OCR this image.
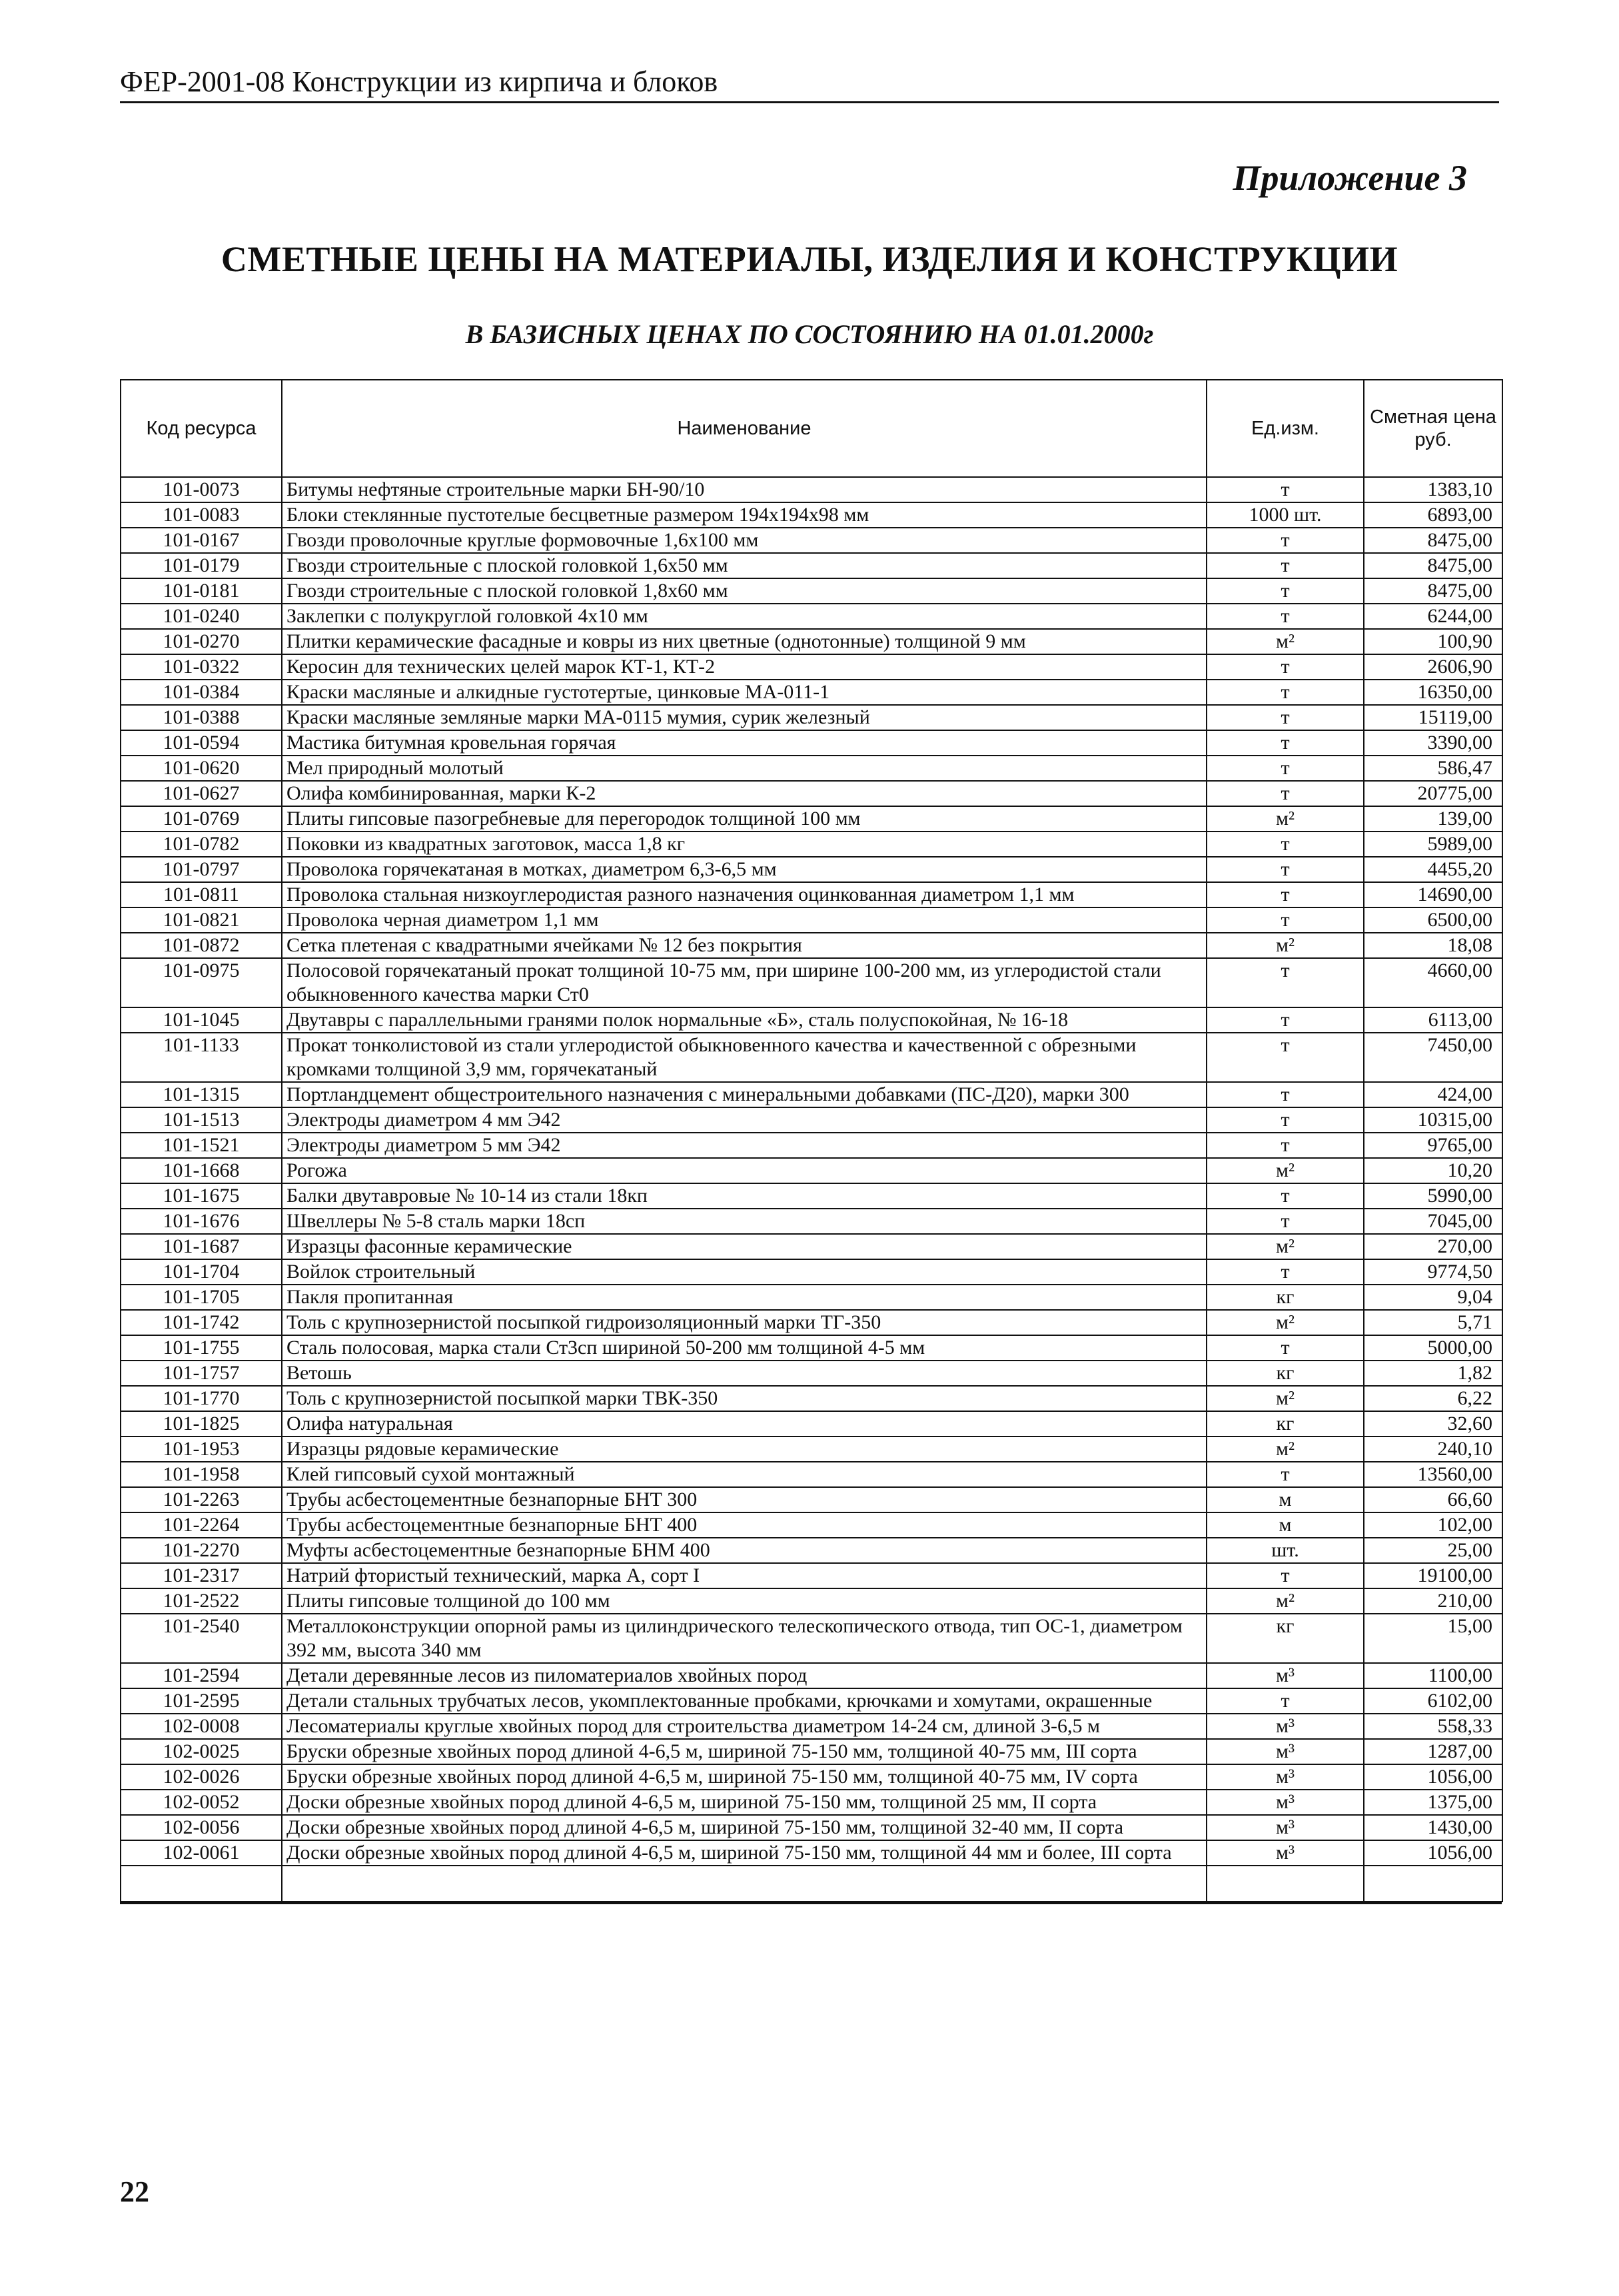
ФЕР-2001-08 Конструкции из кирпича и блоков
Приложение 3
СМЕТНЫЕ ЦЕНЫ НА МАТЕРИАЛЫ, ИЗДЕЛИЯ И КОНСТРУКЦИИ
В БАЗИСНЫХ ЦЕНАХ ПО СОСТОЯНИЮ НА 01.01.2000г
Код ресурса	Наименование	Ед.изм.	Сметная цена руб.
101-0073	Битумы нефтяные строительные марки БН-90/10	т	1383,10
101-0083	Блоки стеклянные пустотелые бесцветные размером 194х194х98 мм	1000 шт.	6893,00
101-0167	Гвозди проволочные круглые формовочные 1,6х100 мм	т	8475,00
101-0179	Гвозди строительные с плоской головкой 1,6х50 мм	т	8475,00
101-0181	Гвозди строительные с плоской головкой 1,8х60 мм	т	8475,00
101-0240	Заклепки с полукруглой головкой 4х10 мм	т	6244,00
101-0270	Плитки керамические фасадные и ковры из них цветные (однотонные) толщиной 9 мм	м²	100,90
101-0322	Керосин для технических целей марок КТ-1, КТ-2	т	2606,90
101-0384	Краски масляные и алкидные густотертые, цинковые МА-011-1	т	16350,00
101-0388	Краски масляные земляные марки МА-0115 мумия, сурик железный	т	15119,00
101-0594	Мастика битумная кровельная горячая	т	3390,00
101-0620	Мел природный молотый	т	586,47
101-0627	Олифа комбинированная, марки К-2	т	20775,00
101-0769	Плиты гипсовые пазогребневые для перегородок толщиной 100 мм	м²	139,00
101-0782	Поковки из квадратных заготовок, масса 1,8 кг	т	5989,00
101-0797	Проволока горячекатаная в мотках, диаметром 6,3-6,5 мм	т	4455,20
101-0811	Проволока стальная низкоуглеродистая разного назначения оцинкованная диаметром 1,1 мм	т	14690,00
101-0821	Проволока черная диаметром 1,1 мм	т	6500,00
101-0872	Сетка плетеная с квадратными ячейками № 12 без покрытия	м²	18,08
101-0975	Полосовой горячекатаный прокат толщиной 10-75 мм, при ширине 100-200 мм, из углеродистой стали обыкновенного качества марки Ст0	т	4660,00
101-1045	Двутавры с параллельными гранями полок нормальные «Б», сталь полуспокойная, № 16-18	т	6113,00
101-1133	Прокат тонколистовой из стали углеродистой обыкновенного качества и качественной с обрезными кромками толщиной 3,9 мм, горячекатаный	т	7450,00
101-1315	Портландцемент общестроительного назначения с минеральными добавками (ПС-Д20), марки 300	т	424,00
101-1513	Электроды диаметром 4 мм Э42	т	10315,00
101-1521	Электроды диаметром 5 мм Э42	т	9765,00
101-1668	Рогожа	м²	10,20
101-1675	Балки двутавровые № 10-14 из стали 18кп	т	5990,00
101-1676	Швеллеры № 5-8 сталь марки 18сп	т	7045,00
101-1687	Изразцы фасонные керамические	м²	270,00
101-1704	Войлок строительный	т	9774,50
101-1705	Пакля пропитанная	кг	9,04
101-1742	Толь с крупнозернистой посыпкой гидроизоляционный марки ТГ-350	м²	5,71
101-1755	Сталь полосовая, марка стали Ст3сп шириной 50-200 мм толщиной 4-5 мм	т	5000,00
101-1757	Ветошь	кг	1,82
101-1770	Толь с крупнозернистой посыпкой марки ТВК-350	м²	6,22
101-1825	Олифа натуральная	кг	32,60
101-1953	Изразцы рядовые керамические	м²	240,10
101-1958	Клей гипсовый сухой монтажный	т	13560,00
101-2263	Трубы асбестоцементные безнапорные БНТ 300	м	66,60
101-2264	Трубы асбестоцементные безнапорные БНТ 400	м	102,00
101-2270	Муфты асбестоцементные безнапорные БНМ 400	шт.	25,00
101-2317	Натрий фтористый технический, марка А, сорт I	т	19100,00
101-2522	Плиты гипсовые толщиной до 100 мм	м²	210,00
101-2540	Металлоконструкции опорной рамы из цилиндрического телескопического отвода, тип ОС-1, диаметром 392 мм, высота 340 мм	кг	15,00
101-2594	Детали деревянные лесов из пиломатериалов хвойных пород	м³	1100,00
101-2595	Детали стальных трубчатых лесов, укомплектованные пробками, крючками и хомутами, окрашенные	т	6102,00
102-0008	Лесоматериалы круглые хвойных пород для строительства диаметром 14-24 см, длиной 3-6,5 м	м³	558,33
102-0025	Бруски обрезные хвойных пород длиной 4-6,5 м, шириной 75-150 мм, толщиной 40-75 мм, III сорта	м³	1287,00
102-0026	Бруски обрезные хвойных пород длиной 4-6,5 м, шириной 75-150 мм, толщиной 40-75 мм, IV сорта	м³	1056,00
102-0052	Доски обрезные хвойных пород длиной 4-6,5 м, шириной 75-150 мм, толщиной 25 мм, II сорта	м³	1375,00
102-0056	Доски обрезные хвойных пород длиной 4-6,5 м, шириной 75-150 мм, толщиной 32-40 мм, II сорта	м³	1430,00
102-0061	Доски обрезные хвойных пород длиной 4-6,5 м, шириной 75-150 мм, толщиной 44 мм и более, III сорта	м³	1056,00

22
